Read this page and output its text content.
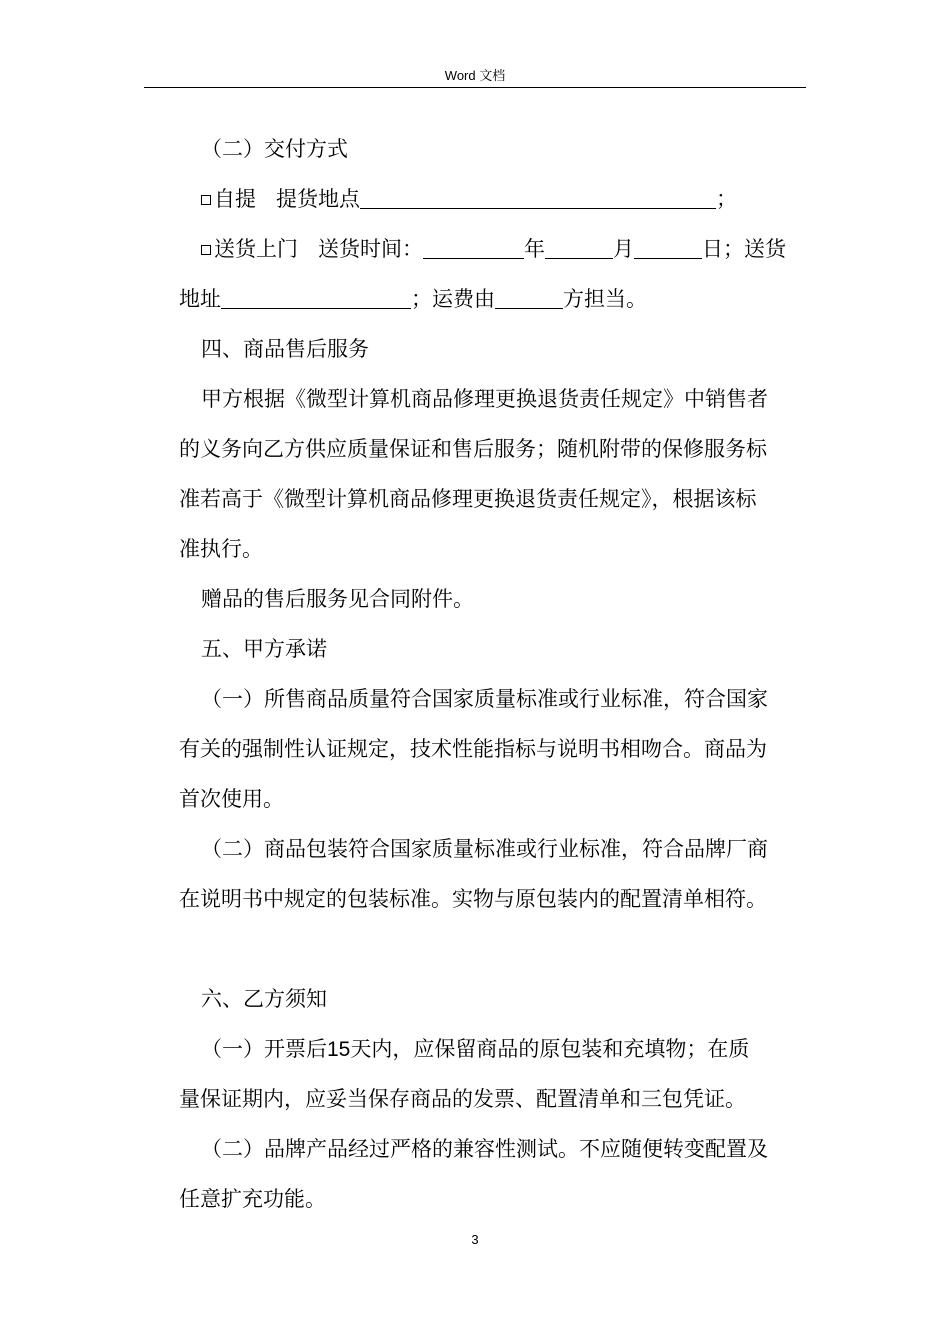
Word 文档
（二）交付方式
自提 提货地点	；
送货上门 送货时间：	年	月	日；送货
地址	；运费由	方担当。
四、商品售后服务
甲方根据《微型计算机商品修理更换退货责任规定》中销售者
的义务向乙方供应质量保证和售后服务；随机附带的保修服务标
准若高于《微型计算机商品修理更换退货责任规定》，根据该标
准执行。
赠品的售后服务见合同附件。
五、甲方承诺
（一）所售商品质量符合国家质量标准或行业标准，符合国家
有关的强制性认证规定，技术性能指标与说明书相吻合。商品为
首次使用。
（二）商品包装符合国家质量标准或行业标准，符合品牌厂商
在说明书中规定的包装标准。实物与原包装内的配置清单相符。
六、乙方须知
（一）开票后15天内，应保留商品的原包装和充填物；在质
量保证期内，应妥当保存商品的发票、配置清单和三包凭证。
（二）品牌产品经过严格的兼容性测试。不应随便转变配置及
任意扩充功能。
3
